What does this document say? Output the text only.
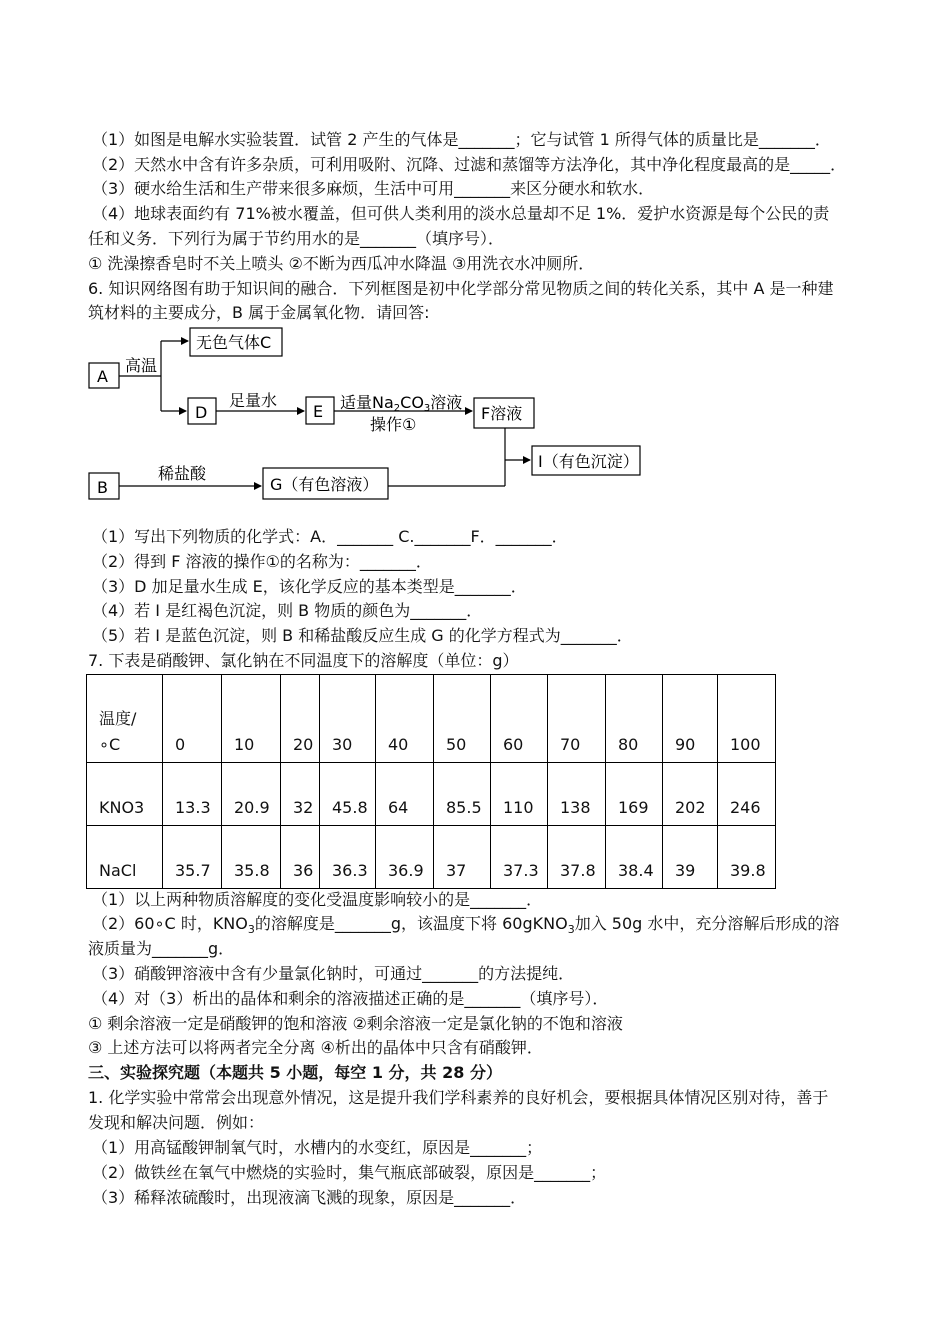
（1）如图是电解水实验装置．试管 2 产生的气体是_______；它与试管 1 所得气体的质量比是_______．
（2）天然水中含有许多杂质，可利用吸附、沉降、过滤和蒸馏等方法净化，其中净化程度最高的是_____．
（3）硬水给生活和生产带来很多麻烦，生活中可用_______来区分硬水和软水．
（4）地球表面约有 71%被水覆盖，但可供人类利用的淡水总量却不足 1%．爱护水资源是每个公民的责
任和义务．下列行为属于节约用水的是_______（填序号）．
① 洗澡擦香皂时不关上喷头 ②不断为西瓜冲水降温 ③用洗衣水冲厕所．
6. 知识网络图有助于知识间的融合．下列框图是初中化学部分常见物质之间的转化关系，其中 A 是一种建
筑材料的主要成分，B 属于金属氧化物．请回答:
A
无色气体C
D	E	F溶液
I（有色沉淀）
B	G（有色溶液）
高温
足量水	适量Na2CO3溶液
操作①
稀盐酸
（1）写出下列物质的化学式：A．_______ C._______F．_______．
（2）得到 F 溶液的操作①的名称为：_______．
（3）D 加足量水生成 E，该化学反应的基本类型是_______．
（4）若 I 是红褐色沉淀，则 B 物质的颜色为_______．
（5）若 I 是蓝色沉淀，则 B 和稀盐酸反应生成 G 的化学方程式为_______．
7. 下表是硝酸钾、氯化钠在不同温度下的溶解度（单位：g）
温度/
∘C	0	10	20	30	40	50	60	70	80	90	100
KNO3	13.3	20.9	32	45.8	64	85.5	110	138	169	202	246
NaCl	35.7	35.8	36	36.3	36.9	37	37.3	37.8	38.4	39	39.8
（1）以上两种物质溶解度的变化受温度影响较小的是_______．
（2）60∘C 时，$KNO_3$的溶解度是_______g，该温度下将 60gKNO$_3$加入 50g 水中，充分溶解后形成的溶
液质量为_______g．
（3）硝酸钾溶液中含有少量氯化钠时，可通过_______的方法提纯．
（4）对（3）析出的晶体和剩余的溶液描述正确的是_______（填序号）．
① 剩余溶液一定是硝酸钾的饱和溶液 ②剩余溶液一定是氯化钠的不饱和溶液
③ 上述方法可以将两者完全分离 ④析出的晶体中只含有硝酸钾．
三、实验探究题（本题共 5 小题，每空 1 分，共 28 分）
1. 化学实验中常常会出现意外情况，这是提升我们学科素养的良好机会，要根据具体情况区别对待，善于
发现和解决问题．例如：
（1）用高锰酸钾制氧气时，水槽内的水变红，原因是_______；
（2）做铁丝在氧气中燃烧的实验时，集气瓶底部破裂，原因是_______；
（3）稀释浓硫酸时，出现液滴飞溅的现象，原因是_______．
